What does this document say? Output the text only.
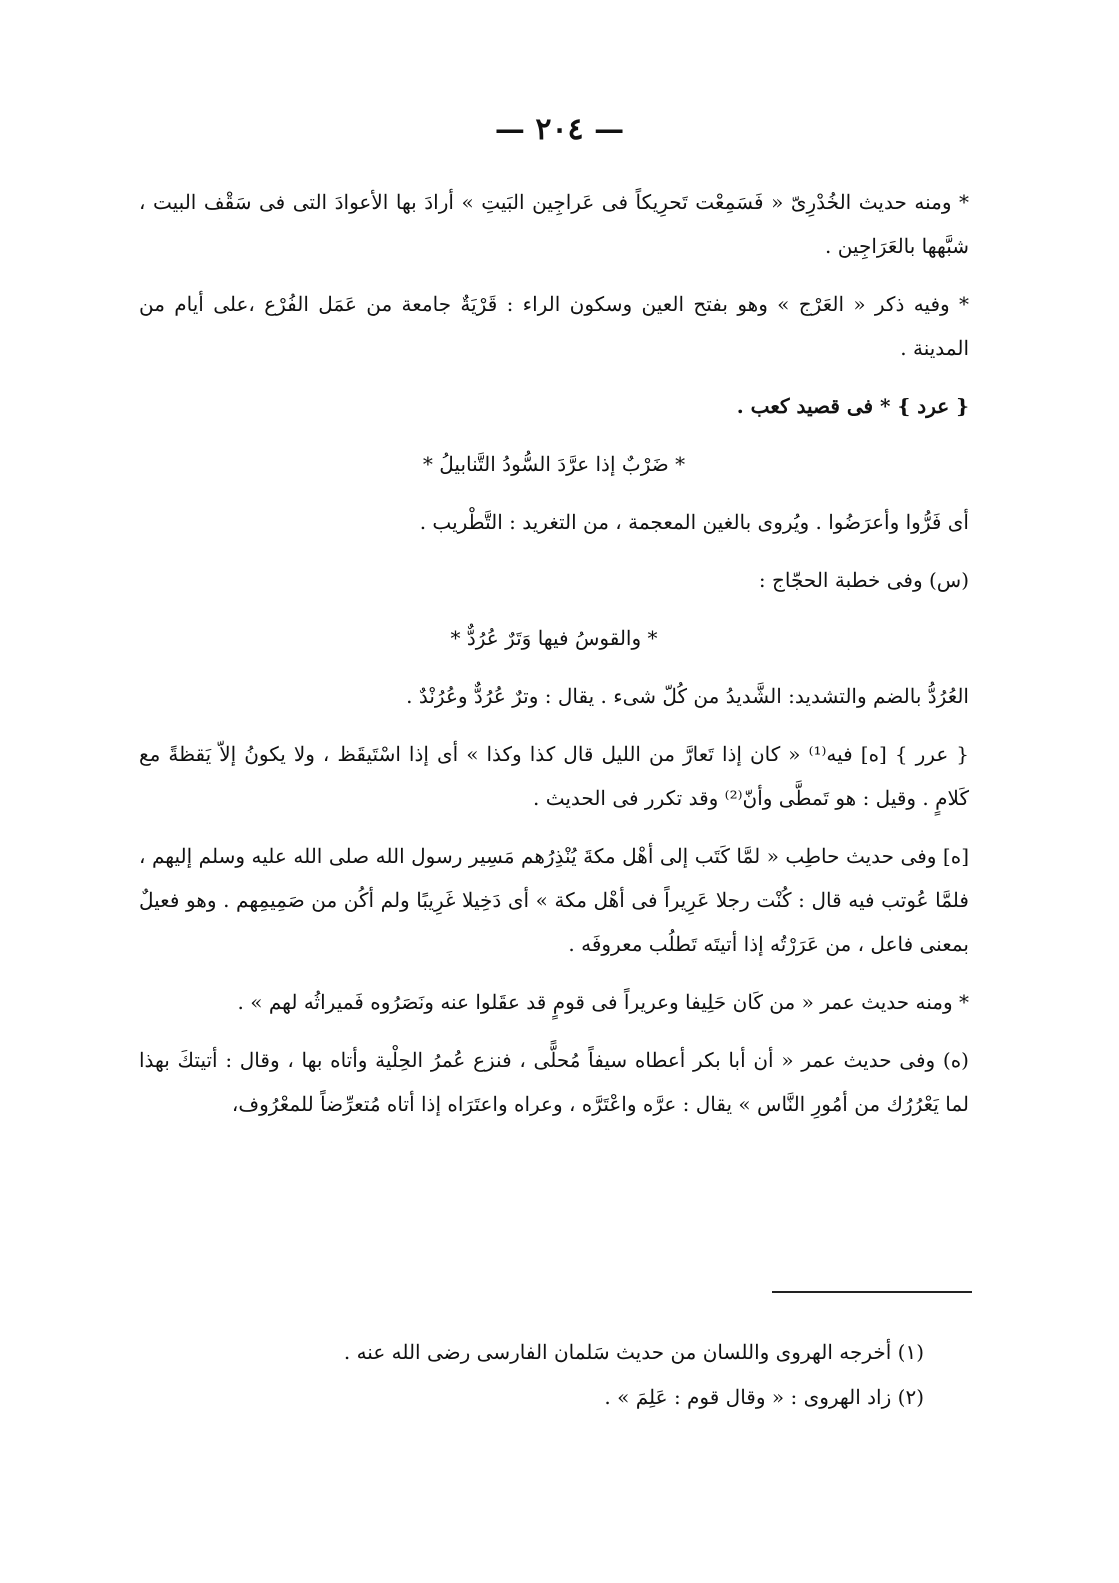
— ٢٠٤ —

* ومنه حديث الخُدْرِىّ « فَسَمِعْت تَحرِيكاً فى عَراجِين البَيتِ » أرادَ بها الأعوادَ التى فى سَقْف البيت ، شبَّهها بالعَرَاجِين .

* وفيه ذكر « العَرْج » وهو بفتح العين وسكون الراء : قَرْيَةٌ جامعة من عَمَل الفُرْع ،على أيام من المدينة .

{ عرد } * فى قصيد كعب .

* ضَرْبٌ إذا عرَّدَ السُّودُ التَّنابيلُ *

أى فَرُّوا وأعرَضُوا . ويُروى بالغين المعجمة ، من التغريد : التَّطْريب .

(س) وفى خطبة الحجّاج :

* والقوسُ فيها وَتَرٌ عُرُدٌّ *

العُرُدُّ بالضم والتشديد: الشَّديدُ من كُلّ شىء . يقال : وترٌ عُرُدٌّ وعُرُنْدٌ .

{ عرر } [ه] فيه⁽¹⁾ « كان إذا تَعارَّ من الليل قال كذا وكذا » أى إذا اسْتَيقَظ ، ولا يكونُ إلاّ يَقظةً مع كَلامٍ . وقيل : هو تَمطَّى وأنّ⁽²⁾ وقد تكرر فى الحديث .

[ه] وفى حديث حاطِب « لمَّا كَتَب إلى أهْل مكةَ يُنْذِرُهم مَسِير رسول الله صلى الله عليه وسلم إليهم ، فلمَّا عُوتب فيه قال : كُنْت رجلا عَرِيراً فى أهْل مكة » أى دَخِيلا غَرِيبًا ولم أكُن من صَمِيمِهم . وهو فعيلٌ بمعنى فاعل ، من عَرَرْتُه إذا أتيتَه تَطلُب معروفَه .

* ومنه حديث عمر « من كَان حَلِيفا وعريراً فى قومٍ قد عقَلوا عنه ونَصَرُوه فَميراثُه لهم » .

(ه) وفى حديث عمر « أن أبا بكر أعطاه سيفاً مُحلًّى ، فنزع عُمرُ الحِلْية وأتاه بها ، وقال : أتيتكَ بهذا لما يَعْرُرُك من أمُورِ النَّاس » يقال : عرَّه واعْتَرَّه ، وعراه واعتَرَاه إذا أتاه مُتعرِّضاً للمعْرُوف،

(١) أخرجه الهروى واللسان من حديث سَلمان الفارسى رضى الله عنه .

(٢) زاد الهروى : « وقال قوم : عَلِمَ » .
